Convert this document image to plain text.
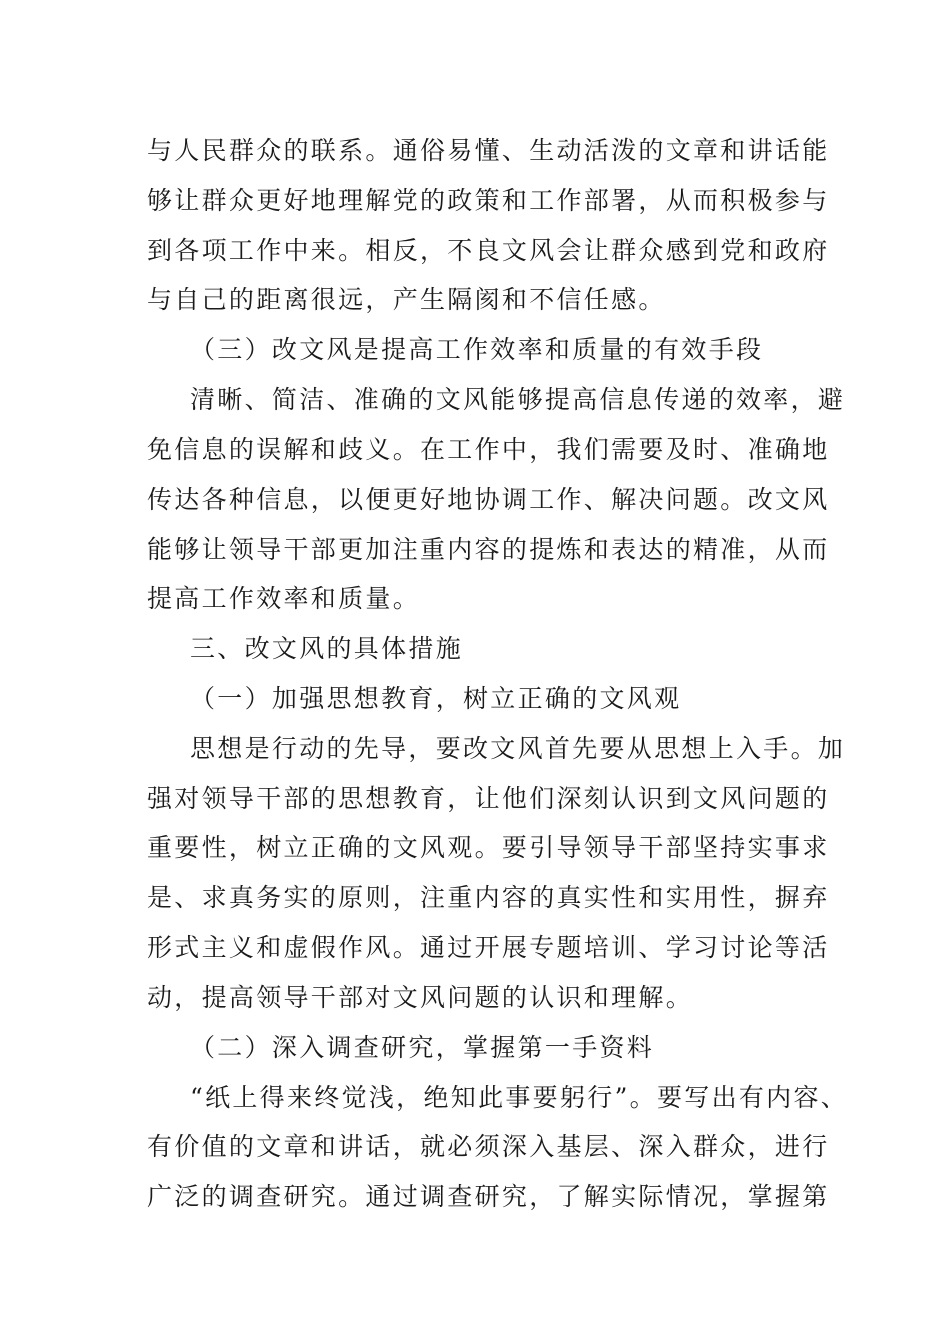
与人民群众的联系。通俗易懂、生动活泼的文章和讲话能
够让群众更好地理解党的政策和工作部署，从而积极参与
到各项工作中来。相反，不良文风会让群众感到党和政府
与自己的距离很远，产生隔阂和不信任感。
（三）改文风是提高工作效率和质量的有效手段
清晰、简洁、准确的文风能够提高信息传递的效率，避
免信息的误解和歧义。在工作中，我们需要及时、准确地
传达各种信息，以便更好地协调工作、解决问题。改文风
能够让领导干部更加注重内容的提炼和表达的精准，从而
提高工作效率和质量。
三、改文风的具体措施
（一）加强思想教育，树立正确的文风观
思想是行动的先导，要改文风首先要从思想上入手。加
强对领导干部的思想教育，让他们深刻认识到文风问题的
重要性，树立正确的文风观。要引导领导干部坚持实事求
是、求真务实的原则，注重内容的真实性和实用性，摒弃
形式主义和虚假作风。通过开展专题培训、学习讨论等活
动，提高领导干部对文风问题的认识和理解。
（二）深入调查研究，掌握第一手资料
“纸上得来终觉浅，绝知此事要躬行”。要写出有内容、
有价值的文章和讲话，就必须深入基层、深入群众，进行
广泛的调查研究。通过调查研究，了解实际情况，掌握第
